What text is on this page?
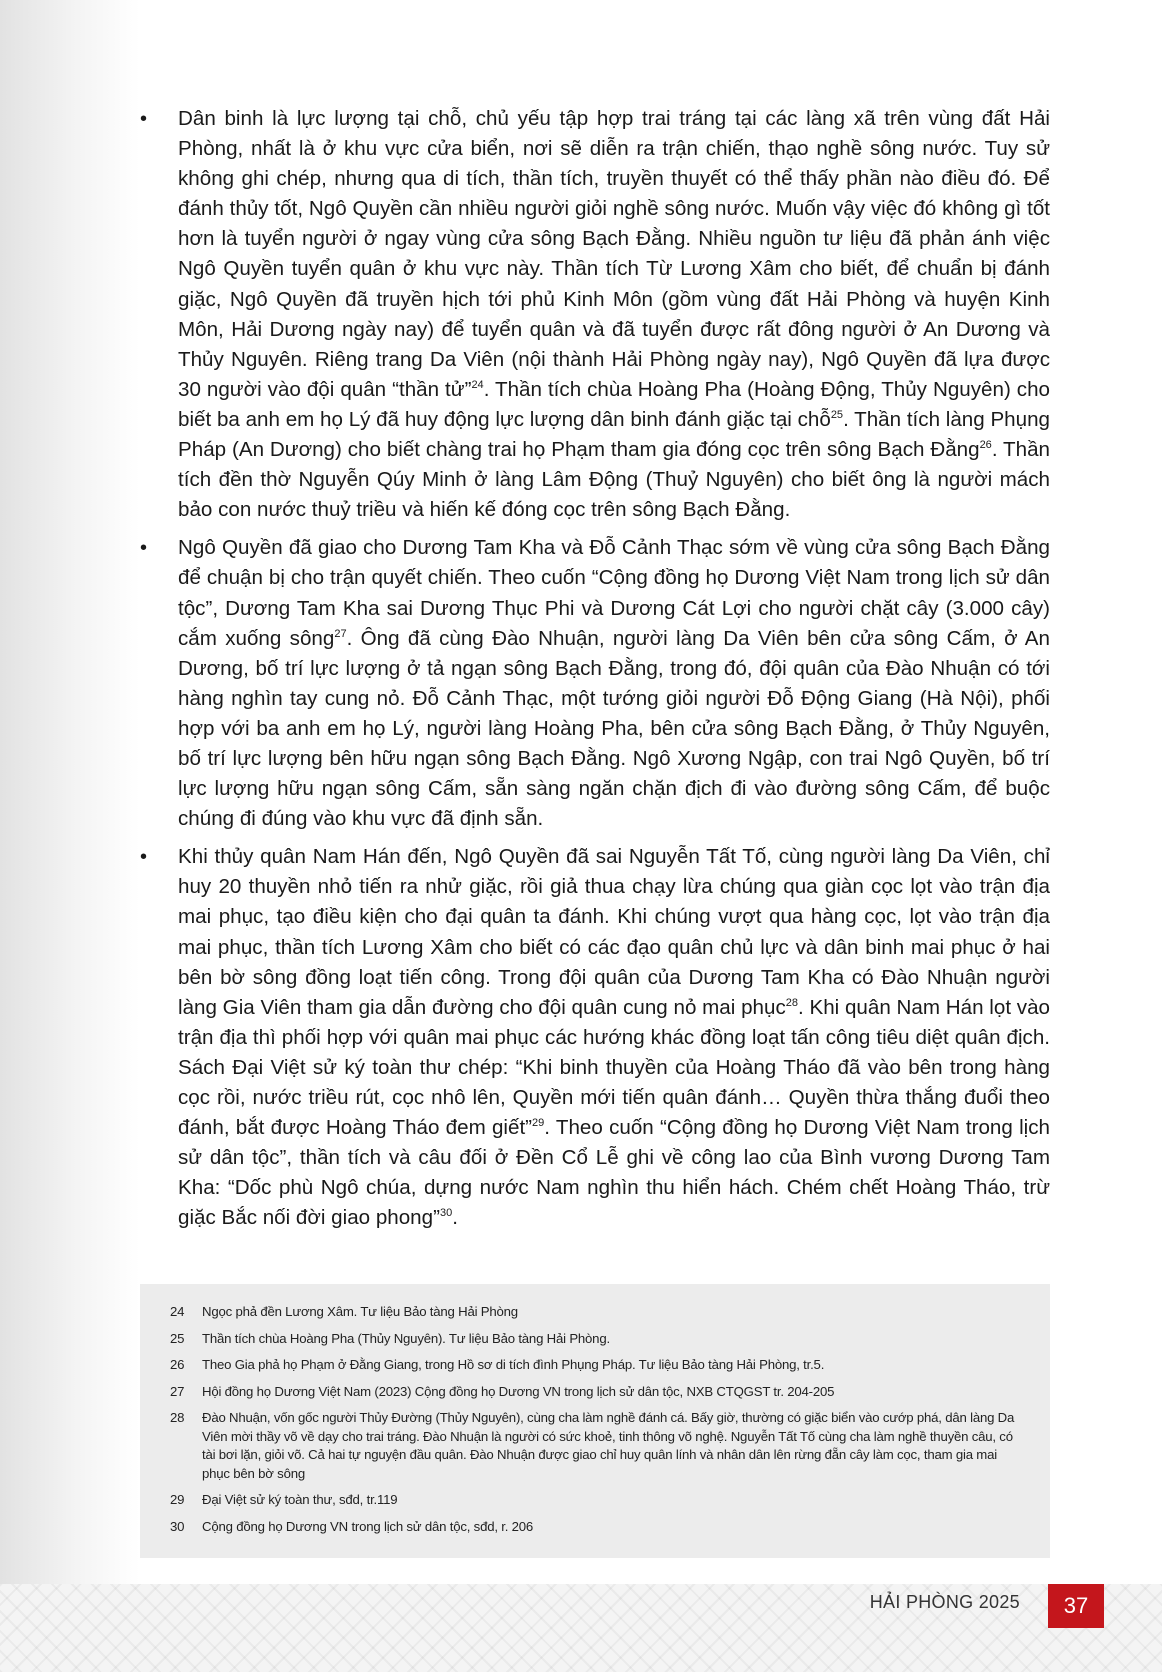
• Dân binh là lực lượng tại chỗ, chủ yếu tập hợp trai tráng tại các làng xã trên vùng đất Hải Phòng, nhất là ở khu vực cửa biển, nơi sẽ diễn ra trận chiến, thạo nghề sông nước. Tuy sử không ghi chép, nhưng qua di tích, thần tích, truyền thuyết có thể thấy phần nào điều đó. Để đánh thủy tốt, Ngô Quyền cần nhiều người giỏi nghề sông nước. Muốn vậy việc đó không gì tốt hơn là tuyển người ở ngay vùng cửa sông Bạch Đằng. Nhiều nguồn tư liệu đã phản ánh việc Ngô Quyền tuyển quân ở khu vực này. Thần tích Từ Lương Xâm cho biết, để chuẩn bị đánh giặc, Ngô Quyền đã truyền hịch tới phủ Kinh Môn (gồm vùng đất Hải Phòng và huyện Kinh Môn, Hải Dương ngày nay) để tuyển quân và đã tuyển được rất đông người ở An Dương và Thủy Nguyên. Riêng trang Da Viên (nội thành Hải Phòng ngày nay), Ngô Quyền đã lựa được 30 người vào đội quân “thần tử”$^{24}$. Thần tích chùa Hoàng Pha (Hoàng Động, Thủy Nguyên) cho biết ba anh em họ Lý đã huy động lực lượng dân binh đánh giặc tại chỗ$^{25}$. Thần tích làng Phụng Pháp (An Dương) cho biết chàng trai họ Phạm tham gia đóng cọc trên sông Bạch Đằng$^{26}$. Thần tích đền thờ Nguyễn Qúy Minh ở làng Lâm Động (Thuỷ Nguyên) cho biết ông là người mách bảo con nước thuỷ triều và hiến kế đóng cọc trên sông Bạch Đằng.
• Ngô Quyền đã giao cho Dương Tam Kha và Đỗ Cảnh Thạc sớm về vùng cửa sông Bạch Đằng để chuận bị cho trận quyết chiến. Theo cuốn “Cộng đồng họ Dương Việt Nam trong lịch sử dân tộc”, Dương Tam Kha sai Dương Thục Phi và Dương Cát Lợi cho người chặt cây (3.000 cây) cắm xuống sông$^{27}$. Ông đã cùng Đào Nhuận, người làng Da Viên bên cửa sông Cấm, ở An Dương, bố trí lực lượng ở tả ngạn sông Bạch Đằng, trong đó, đội quân của Đào Nhuận có tới hàng nghìn tay cung nỏ. Đỗ Cảnh Thạc, một tướng giỏi người Đỗ Động Giang (Hà Nội), phối hợp với ba anh em họ Lý, người làng Hoàng Pha, bên cửa sông Bạch Đằng, ở Thủy Nguyên, bố trí lực lượng bên hữu ngạn sông Bạch Đằng. Ngô Xương Ngập, con trai Ngô Quyền, bố trí lực lượng hữu ngạn sông Cấm, sẵn sàng ngăn chặn địch đi vào đường sông Cấm, để buộc chúng đi đúng vào khu vực đã định sẵn.
• Khi thủy quân Nam Hán đến, Ngô Quyền đã sai Nguyễn Tất Tố, cùng người làng Da Viên, chỉ huy 20 thuyền nhỏ tiến ra nhử giặc, rồi giả thua chạy lừa chúng qua giàn cọc lọt vào trận địa mai phục, tạo điều kiện cho đại quân ta đánh. Khi chúng vượt qua hàng cọc, lọt vào trận địa mai phục, thần tích Lương Xâm cho biết có các đạo quân chủ lực và dân binh mai phục ở hai bên bờ sông đồng loạt tiến công. Trong đội quân của Dương Tam Kha có Đào Nhuận người làng Gia Viên tham gia dẫn đường cho đội quân cung nỏ mai phục$^{28}$. Khi quân Nam Hán lọt vào trận địa thì phối hợp với quân mai phục các hướng khác đồng loạt tấn công tiêu diệt quân địch. Sách Đại Việt sử ký toàn thư chép: “Khi binh thuyền của Hoàng Tháo đã vào bên trong hàng cọc rồi, nước triều rút, cọc nhô lên, Quyền mới tiến quân đánh… Quyền thừa thắng đuổi theo đánh, bắt được Hoàng Tháo đem giết”$^{29}$. Theo cuốn “Cộng đồng họ Dương Việt Nam trong lịch sử dân tộc”, thần tích và câu đối ở Đền Cổ Lễ ghi về công lao của Bình vương Dương Tam Kha: “Dốc phù Ngô chúa, dựng nước Nam nghìn thu hiển hách. Chém chết Hoàng Tháo, trừ giặc Bắc nối đời giao phong”$^{30}$.
24	Ngọc phả đền Lương Xâm. Tư liệu Bảo tàng Hải Phòng
25	Thần tích chùa Hoàng Pha (Thủy Nguyên). Tư liệu Bảo tàng Hải Phòng.
26	Theo Gia phả họ Phạm ở Đằng Giang, trong Hồ sơ di tích đình Phụng Pháp. Tư liệu Bảo tàng Hải Phòng, tr.5.
27	Hội đồng họ Dương Việt Nam (2023) Cộng đồng họ Dương VN trong lịch sử dân tộc, NXB CTQGST tr. 204-205
28	Đào Nhuận, vốn gốc người Thủy Đường (Thủy Nguyên), cùng cha làm nghề đánh cá. Bấy giờ, thường có giặc biển vào cướp phá, dân làng Da Viên mời thầy võ về dạy cho trai tráng. Đào Nhuận là người có sức khoẻ, tinh thông võ nghệ. Nguyễn Tất Tố cùng cha làm nghề thuyền câu, có tài bơi lặn, giỏi võ. Cả hai tự nguyện đầu quân. Đào Nhuận được giao chỉ huy quân lính và nhân dân lên rừng đẵn cây làm cọc, tham gia mai phục bên bờ sông
29	Đại Việt sử ký toàn thư, sđd, tr.119
30	Cộng đồng họ Dương VN trong lịch sử dân tộc, sđd, r. 206
HẢI PHÒNG 2025 37
